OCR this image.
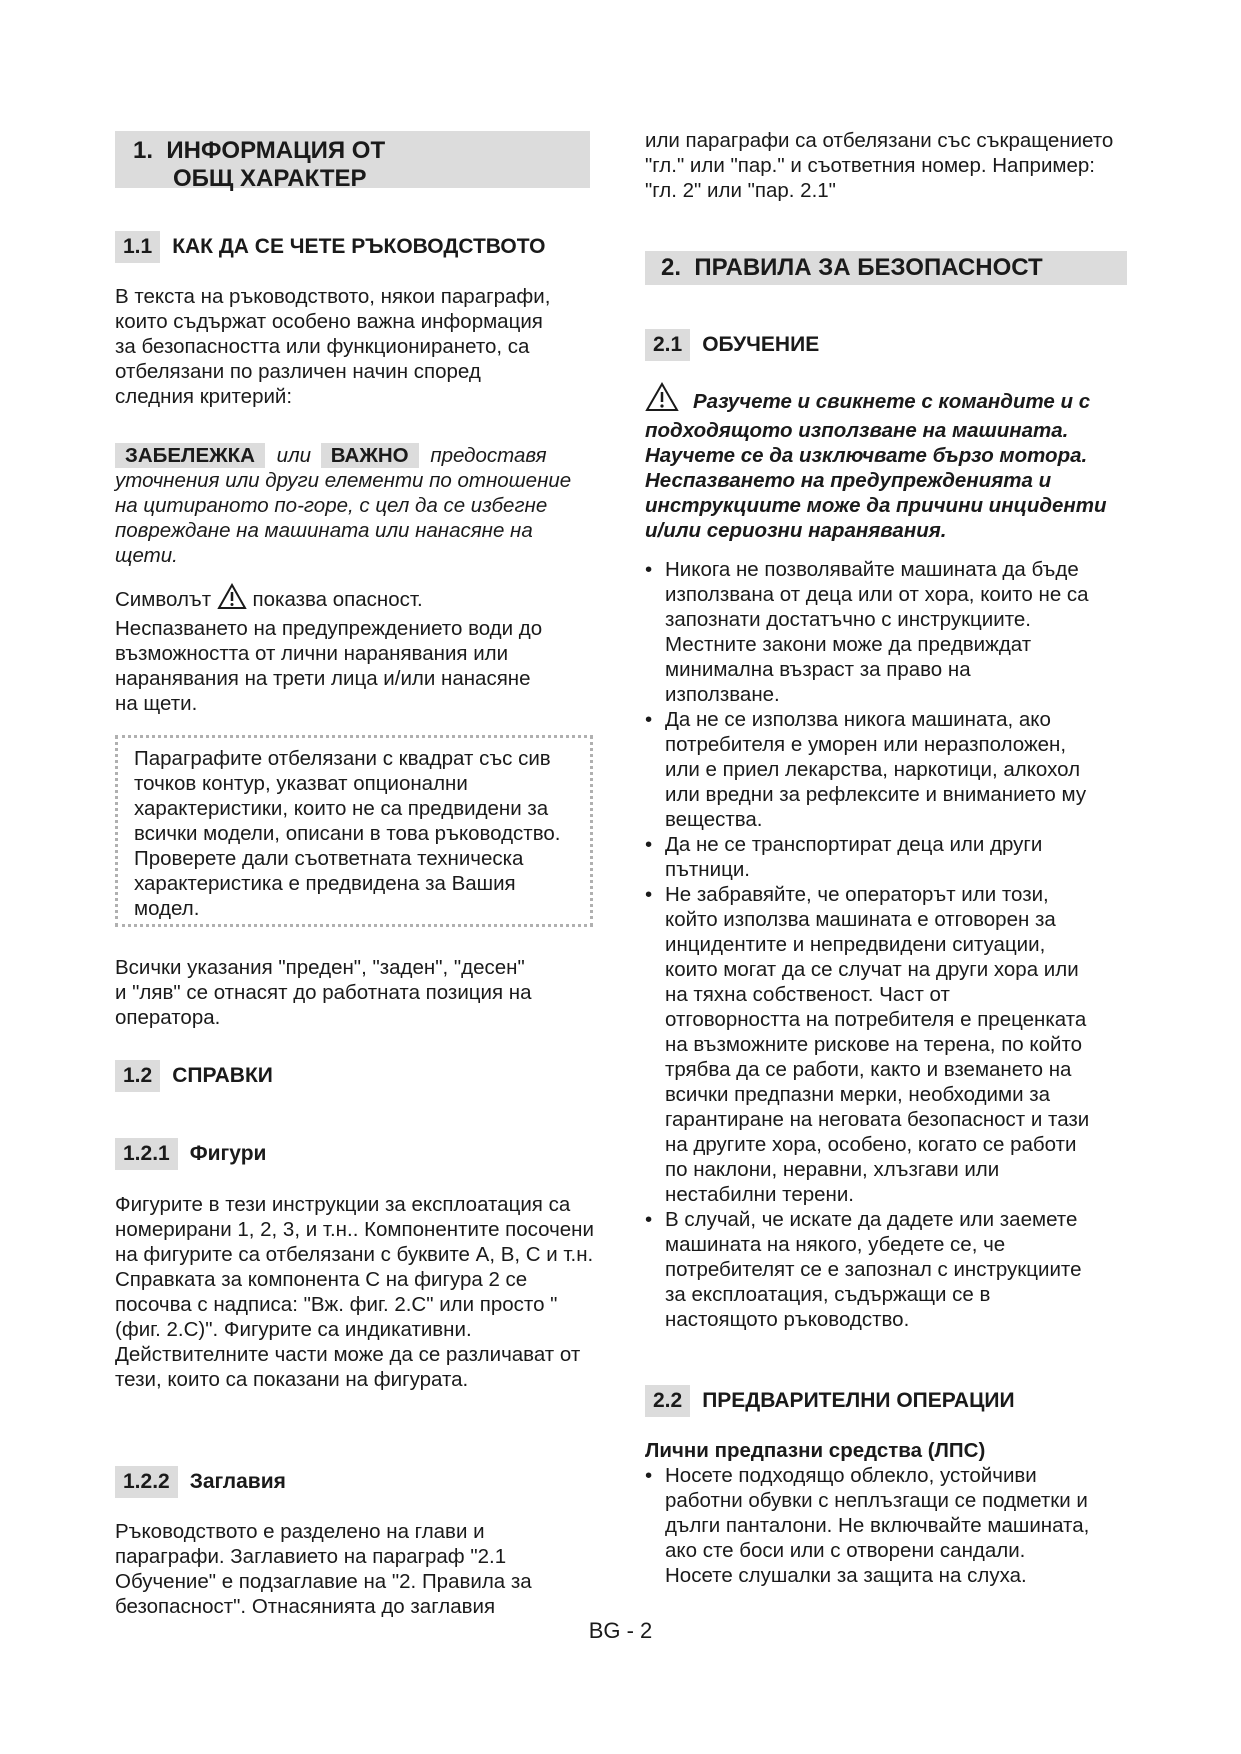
1. ИНФОРМАЦИЯ ОТ
ОБЩ ХАРАКТЕР
1.1 КАК ДА СЕ ЧЕТЕ РЪКОВОДСТВОТО

В текста на ръководството, някои параграфи, които съдържат особено важна информация за безопасността или функционирането, са отбелязани по различен начин според следния критерий:

ЗАБЕЛЕЖКА или ВАЖНО предоставя уточнения или други елементи по отношение на цитираното по-горе, с цел да се избегне повреждане на машината или нанасяне на щети.

Символът показва опасност. Неспазването на предупреждението води до възможността от лични наранявания или наранявания на трети лица и/или нанасяне на щети.

Параграфите отбелязани с квадрат със сив точков контур, указват опционални характеристики, които не са предвидени за всички модели, описани в това ръководство. Проверете дали съответната техническа характеристика е предвидена за Вашия модел.

Всички указания "преден", "заден", "десен" и "ляв" се отнасят до работната позиция на оператора.

1.2 СПРАВКИ
1.2.1 Фигури

Фигурите в тези инструкции за експлоатация са номерирани 1, 2, 3, и т.н.. Компонентите посочени на фигурите са отбелязани с буквите A, B, C и т.н. Справката за компонента C на фигура 2 се посочва с надписа: "Вж. фиг. 2.C" или просто "(фиг. 2.C)". Фигурите са индикативни. Действителните части може да се различават от тези, които са показани на фигурата.

1.2.2 Заглавия

Ръководството е разделено на глави и параграфи. Заглавието на параграф "2.1 Обучение" е подзаглавие на "2. Правила за безопасност". Отнасянията до заглавия

или параграфи са отбелязани със съкращението "гл." или "пар." и съответния номер. Например: "гл. 2" или "пар. 2.1"

2. ПРАВИЛА ЗА БЕЗОПАСНОСТ
2.1 ОБУЧЕНИЕ

Разучете и свикнете с командите и с подходящото използване на машината. Научете се да изключвате бързо мотора. Неспазването на предупрежденията и инструкциите може да причини инциденти и/или сериозни наранявания.

• Никога не позволявайте машината да бъде използвана от деца или от хора, които не са запознати достатъчно с инструкциите. Местните закони може да предвиждат минимална възраст за право на използване.
• Да не се използва никога машината, ако потребителя е уморен или неразположен, или е приел лекарства, наркотици, алкохол или вредни за рефлексите и вниманието му вещества.
• Да не се транспортират деца или други пътници.
• Не забравяйте, че операторът или този, който използва машината е отговорен за инцидентите и непредвидени ситуации, които могат да се случат на други хора или на тяхна собственост. Част от отговорността на потребителя е преценката на възможните рискове на терена, по който трябва да се работи, както и вземането на всички предпазни мерки, необходими за гарантиране на неговата безопасност и тази на другите хора, особено, когато се работи по наклони, неравни, хлъзгави или нестабилни терени.
• В случай, че искате да дадете или заемете машината на някого, убедете се, че потребителят се е запознал с инструкциите за експлоатация, съдържащи се в настоящото ръководство.
2.2 ПРЕДВАРИТЕЛНИ ОПЕРАЦИИ

Лични предпазни средства (ЛПС)

• Носете подходящо облекло, устойчиви работни обувки с неплъзгащи се подметки и дълги панталони. Не включвайте машината, ако сте боси или с отворени сандали. Носете слушалки за защита на слуха.
BG - 2
